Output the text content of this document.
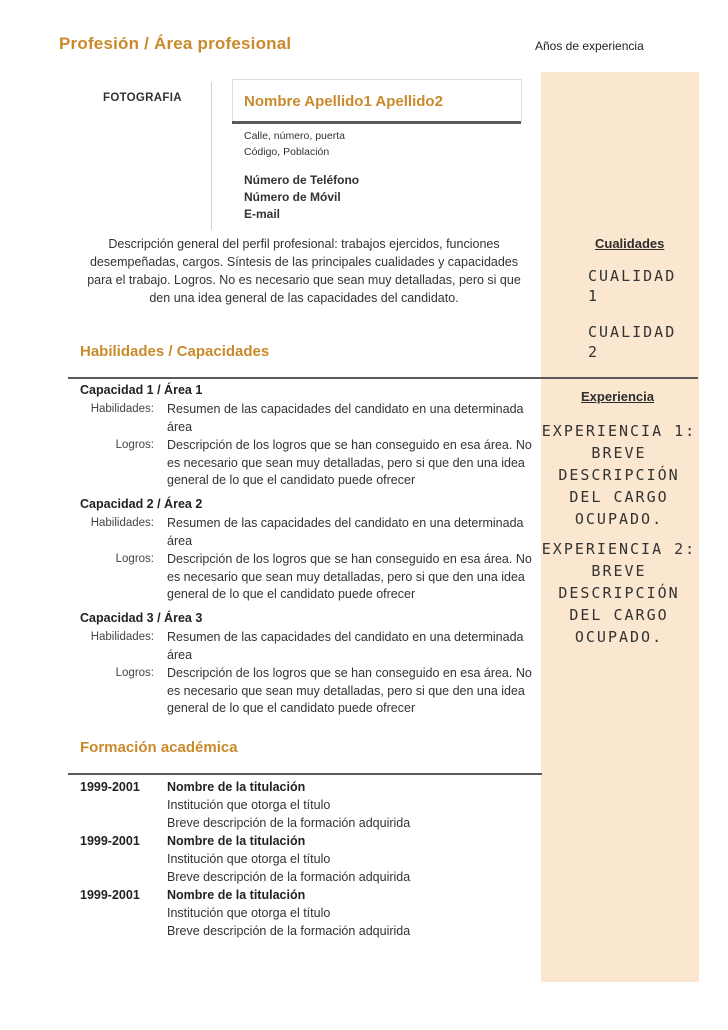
Profesión / Área profesional	Años de experiencia
FOTOGRAFIA	Nombre Apellido1 Apellido2
Calle, número, puerta
Código, Población
Número de Teléfono
Número de Móvil
E-mail
Descripción general del perfil profesional: trabajos ejercidos, funciones desempeñadas, cargos. Síntesis de las principales cualidades y capacidades para el trabajo. Logros. No es necesario que sean muy detalladas, pero si que den una idea general de las capacidades del candidato.
Habilidades / Capacidades
Capacidad 1 / Área 1
Habilidades: Resumen de las capacidades del candidato en una determinada área
Logros: Descripción de los logros que se han conseguido en esa área. No es necesario que sean muy detalladas, pero si que den una idea general de lo que el candidato puede ofrecer
Capacidad 2 / Área 2
Habilidades: Resumen de las capacidades del candidato en una determinada área
Logros: Descripción de los logros que se han conseguido en esa área. No es necesario que sean muy detalladas, pero si que den una idea general de lo que el candidato puede ofrecer
Capacidad 3 / Área 3
Habilidades: Resumen de las capacidades del candidato en una determinada área
Logros: Descripción de los logros que se han conseguido en esa área. No es necesario que sean muy detalladas, pero si que den una idea general de lo que el candidato puede ofrecer
Formación académica
1999-2001 Nombre de la titulación
Institución que otorga el título
Breve descripción de la formación adquirida
1999-2001 Nombre de la titulación
Institución que otorga el título
Breve descripción de la formación adquirida
1999-2001 Nombre de la titulación
Institución que otorga el título
Breve descripción de la formación adquirida
Cualidades
CUALIDAD 1
CUALIDAD 2
Experiencia
EXPERIENCIA 1: BREVE DESCRIPCIÓN DEL CARGO OCUPADO.
EXPERIENCIA 2: BREVE DESCRIPCIÓN DEL CARGO OCUPADO.
